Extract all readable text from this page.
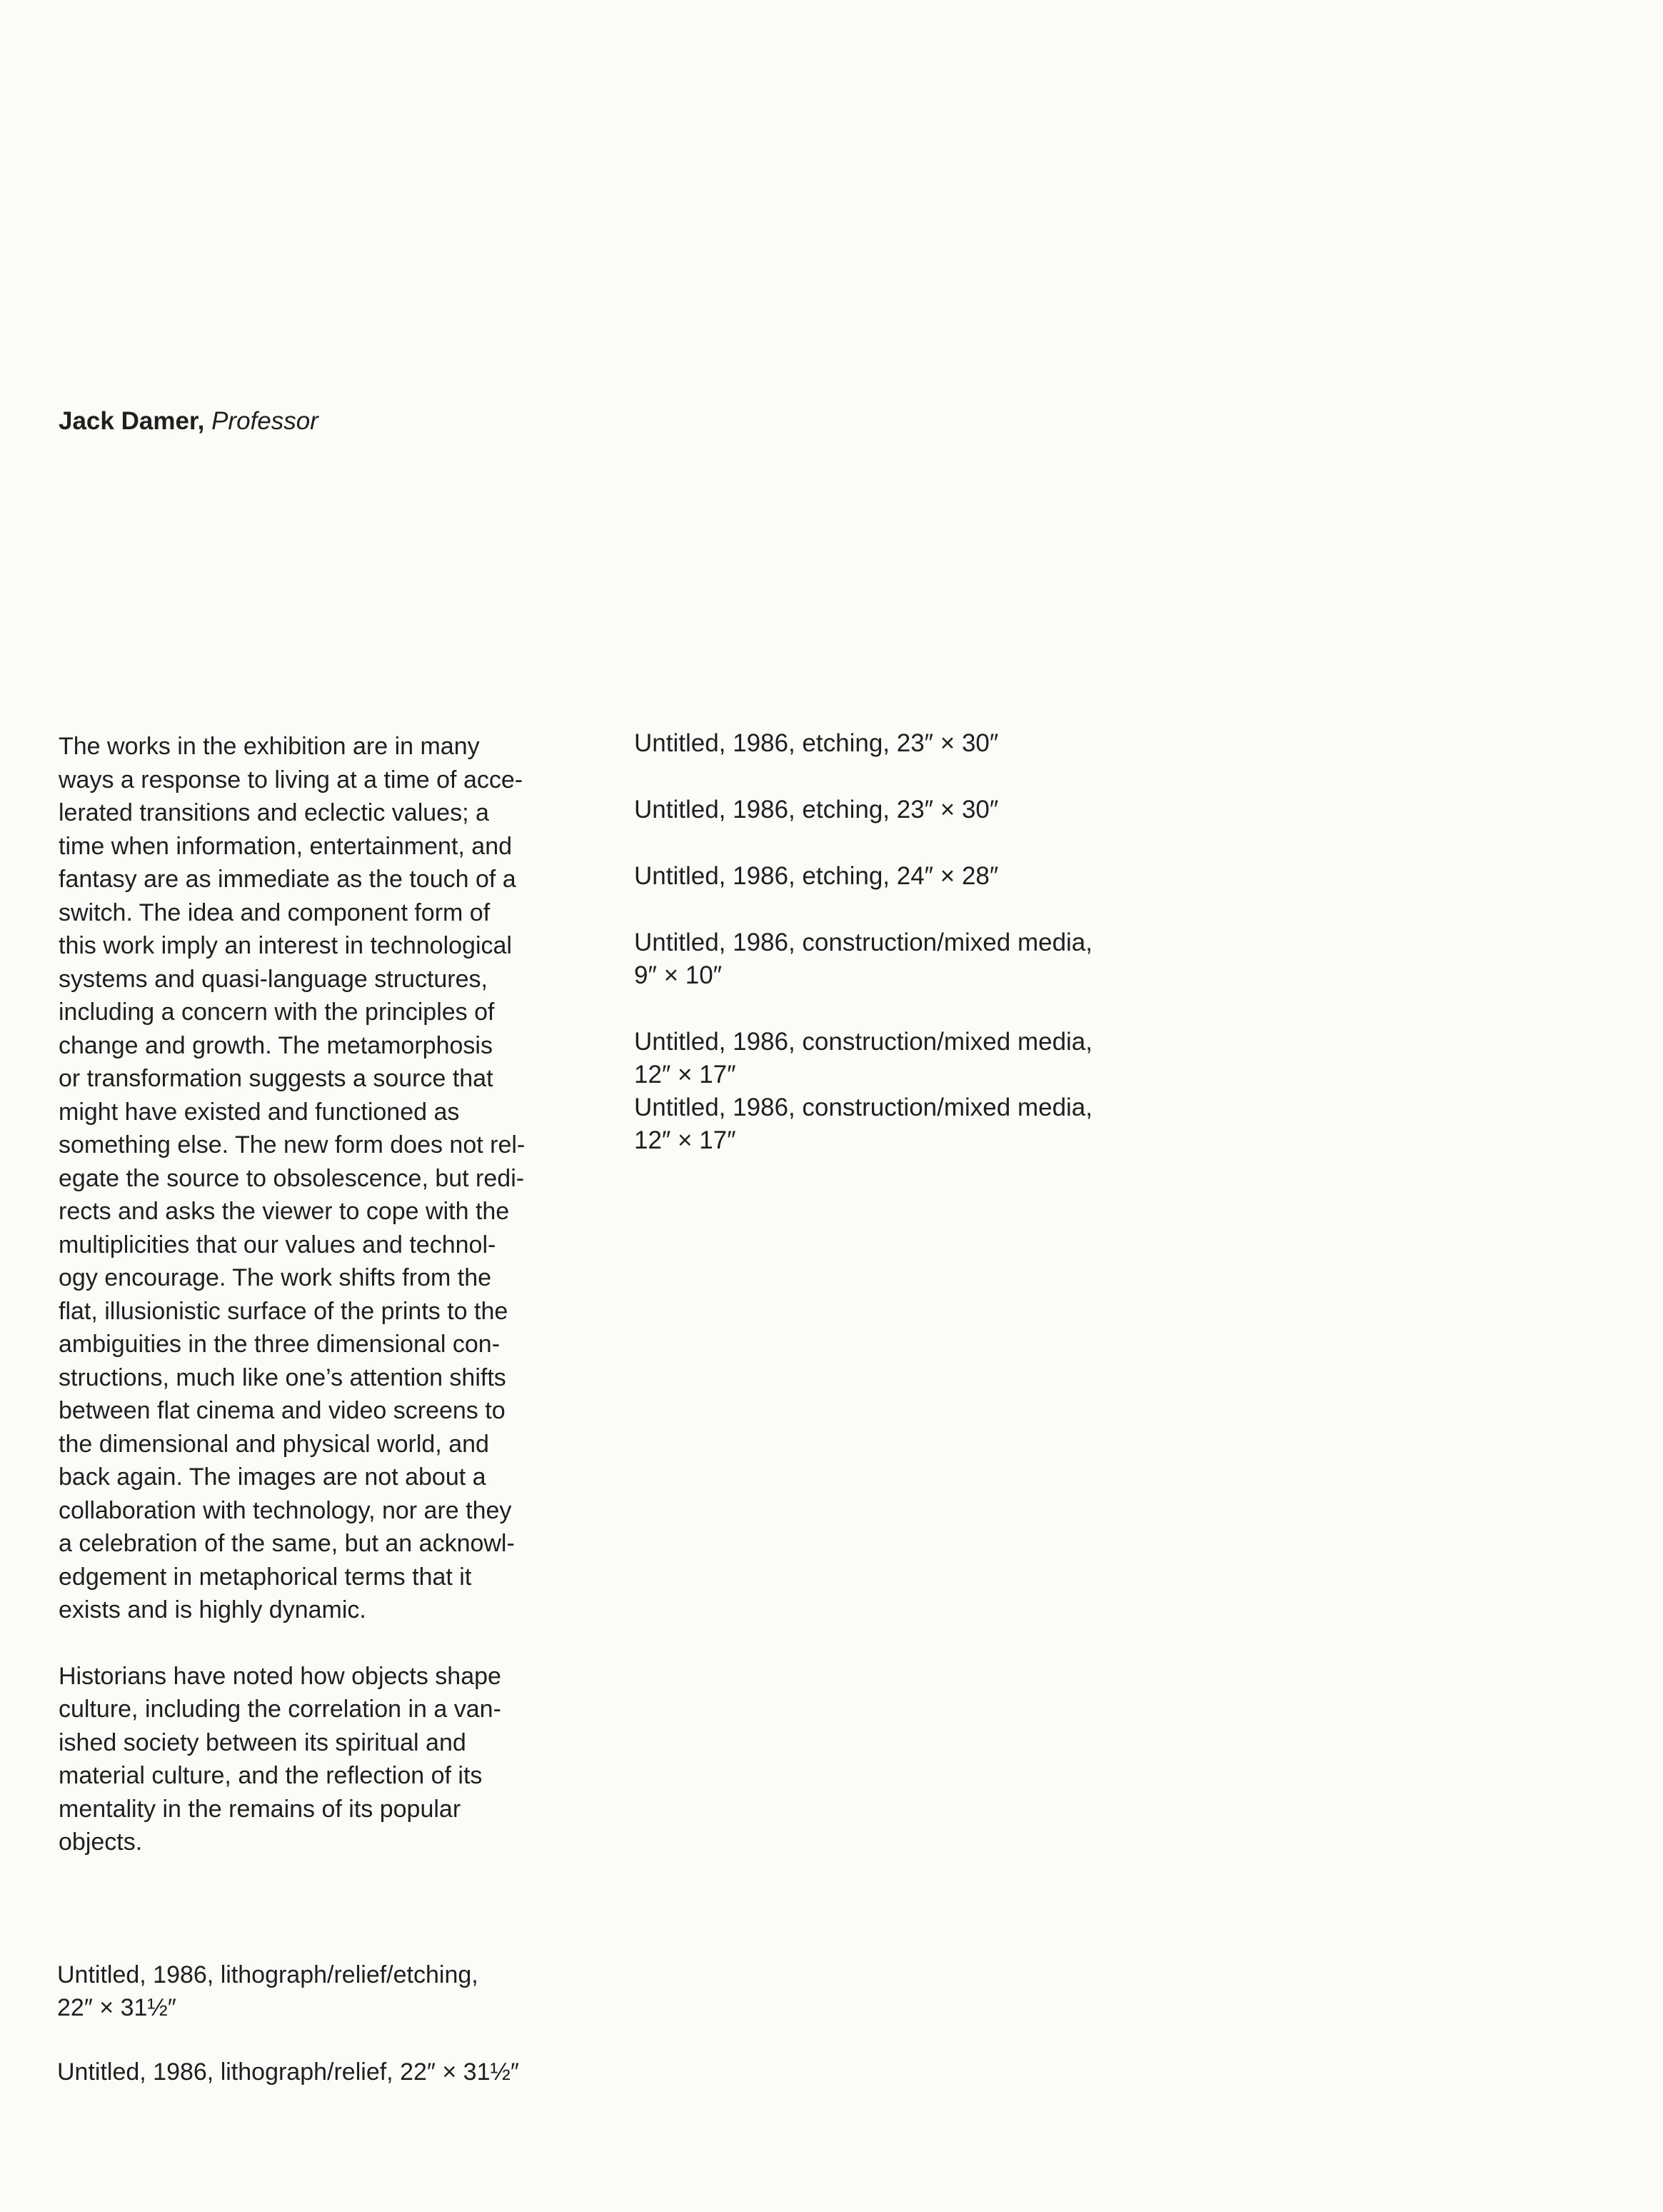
Jack Damer, Professor

The works in the exhibition are in many
ways a response to living at a time of acce-
lerated transitions and eclectic values; a
time when information, entertainment, and
fantasy are as immediate as the touch of a
switch. The idea and component form of
this work imply an interest in technological
systems and quasi-language structures,
including a concern with the principles of
change and growth. The metamorphosis
or transformation suggests a source that
might have existed and functioned as
something else. The new form does not rel-
egate the source to obsolescence, but redi-
rects and asks the viewer to cope with the
multiplicities that our values and technol-
ogy encourage. The work shifts from the
flat, illusionistic surface of the prints to the
ambiguities in the three dimensional con-
structions, much like one’s attention shifts
between flat cinema and video screens to
the dimensional and physical world, and
back again. The images are not about a
collaboration with technology, nor are they
a celebration of the same, but an acknowl-
edgement in metaphorical terms that it
exists and is highly dynamic.

Historians have noted how objects shape
culture, including the correlation in a van-
ished society between its spiritual and
material culture, and the reflection of its
mentality in the remains of its popular
objects.

Untitled, 1986, lithograph/relief/etching,
22″ × 31½″
Untitled, 1986, lithograph/relief, 22″ × 31½″
Untitled, 1986, etching, 23″ × 30″
Untitled, 1986, etching, 23″ × 30″
Untitled, 1986, etching, 24″ × 28″
Untitled, 1986, construction/mixed media,
9″ × 10″
Untitled, 1986, construction/mixed media,
12″ × 17″
Untitled, 1986, construction/mixed media,
12″ × 17″
